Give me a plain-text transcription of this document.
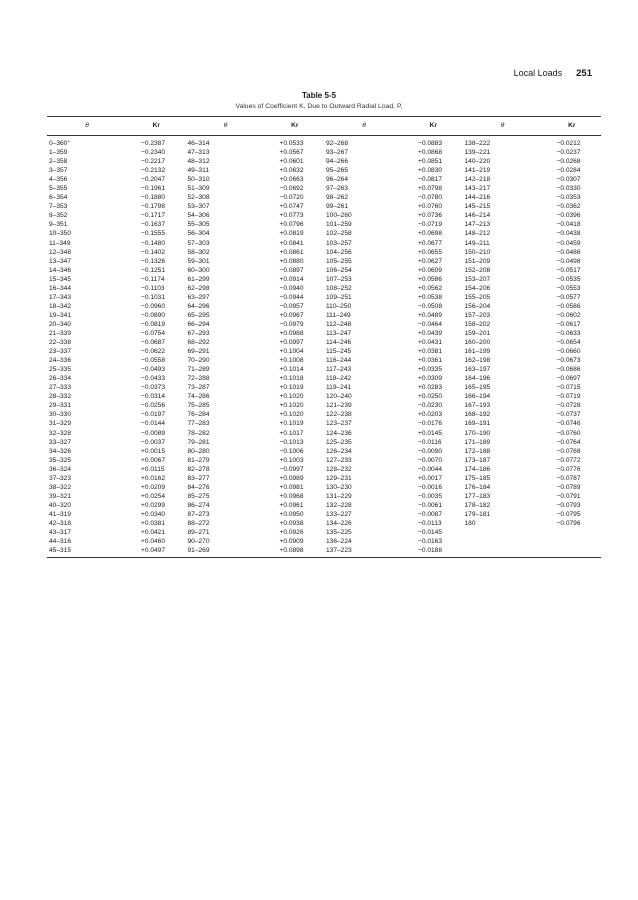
Local Loads 251
Table 5-5
Values of Coefficient K, Due to Outward Radial Load, P,
θ	Kr	θ	Kr	θ	Kr	θ	Kr
0–360°	−0.2387	46–314	+0.0533	92–268	−0.0883	138–222	−0.0212
1–359	−0.2340	47–313	+0.0567	93–267	+0.0868	139–221	−0.0237
2–358	−0.2217	48–312	+0.0601	94–266	+0.0851	140–220	−0.0268
3–357	−0.2132	49–311	+0.0632	95–265	+0.0830	141–219	−0.0284
4–356	−0.2047	50–310	+0.0663	96–264	−0.0817	142–218	−0.0307
5–355	−0.1961	51–309	−0.0692	97–263	+0.0798	143–217	−0.0330
6–354	−0.1880	52–308	−0.0720	98–262	−0.0780	144–216	−0.0353
7–353	−0.1798	53–307	+0.0747	99–261	+0.0760	145–215	−0.0362
8–352	−0.1717	54–306	+0.0773	100–260	+0.0736	146–214	−0.0396
9–351	−0.1637	55–305	+0.0796	101–259	−0.0719	147–213	−0.0418
10–350	−0.1555	56–304	+0.0819	102–258	+0.0698	148–212	−0.0438
11–349	−0.1480	57–303	+0.0841	103–257	+0.0677	149–211	−0.0459
12–348	−0.1402	58–302	+0.0861	104–256	+0.0655	150–210	−0.0486
13–347	−0.1326	59–301	+0.0880	105–255	+0.0627	151–209	−0.0498
14–346	−0.1251	60–300	−0.0897	106–254	+0.0609	152–208	−0.0517
15–345	−0.1174	61–299	+0.0914	107–253	+0.0586	153–207	−0.0535
16–344	−0.1103	62–298	−0.0940	108–252	+0.0562	154–206	−0.0553
17–343	−0.1031	63–297	−0.0944	109–251	+0.0538	155–205	−0.0577
18–342	−0.0960	64–296	−0.0957	110–250	−0.0508	156–204	−0.0586
19–341	−0.0890	65–295	+0.0967	111–249	+0.0489	157–203	−0.0602
20–340	−0.0819	66–294	−0.0979	112–248	−0.0464	158–202	−0.0617
21–339	−0.0754	67–293	+0.0988	113–247	+0.0439	159–201	−0.0633
22–338	−0.0687	68–292	+0.0997	114–246	+0.0431	160–200	−0.0654
23–337	−0.0622	69–291	+0.1004	115–245	+0.0381	161–199	−0.0660
24–336	−0.0558	70–290	+0.1008	116–244	+0.0361	162–198	−0.0673
25–335	−0.0493	71–289	+0.1014	117–243	+0.0335	163–197	−0.0686
26–334	−0.0433	72–288	+0.1018	118–242	+0.0309	164–196	−0.0697
27–333	−0.0373	73–287	+0.1019	119–241	+0.0283	165–195	−0.0715
28–332	−0.0314	74–286	+0.1020	120–240	+0.0250	166–194	−0.0719
29–331	−0.0256	75–285	+0.1020	121–239	−0.0230	167–193	−0.0728
30–330	−0.0197	76–284	+0.1020	122–238	+0.0203	168–192	−0.0737
31–329	−0.0144	77–283	+0.1019	123–237	−0.0176	169–191	−0.0746
32–328	−0.0089	78–282	+0.1017	124–236	+0.0145	170–190	−0.0760
33–327	−0.0037	79–281	−0.1013	125–235	−0.0116	171–189	−0.0764
34–326	+0.0015	80–280	−0.1006	126–234	−0.0090	172–188	−0.0768
35–325	+0.0067	81–279	+0.1003	127–233	−0.0070	173–187	−0.0772
36–324	+0.0115	82–278	−0.0997	128–232	−0.0044	174–186	−0.0776
37–323	+0.0162	83–277	+0.0989	129–231	+0.0017	175–185	−0.0787
38–322	+0.0209	84–276	+0.0981	130–230	−0.0016	176–184	−0.0789
39–321	+0.0254	85–275	+0.0968	131–229	−0.0035	177–183	−0.0791
40–320	+0.0299	86–274	+0.0961	132–228	−0.0061	178–182	−0.0793
41–319	+0.0340	87–273	+0.0950	133–227	−0.0087	179–181	−0.0795
42–318	+0.0381	88–272	+0.0938	134–226	−0.0113	180	−0.0796
43–317	+0.0421	89–271	+0.0926	135–225	−0.0145		
44–316	+0.0460	90–270	+0.0909	136–224	−0.0163		
45–315	+0.0497	91–269	+0.0898	137–223	−0.0188		
